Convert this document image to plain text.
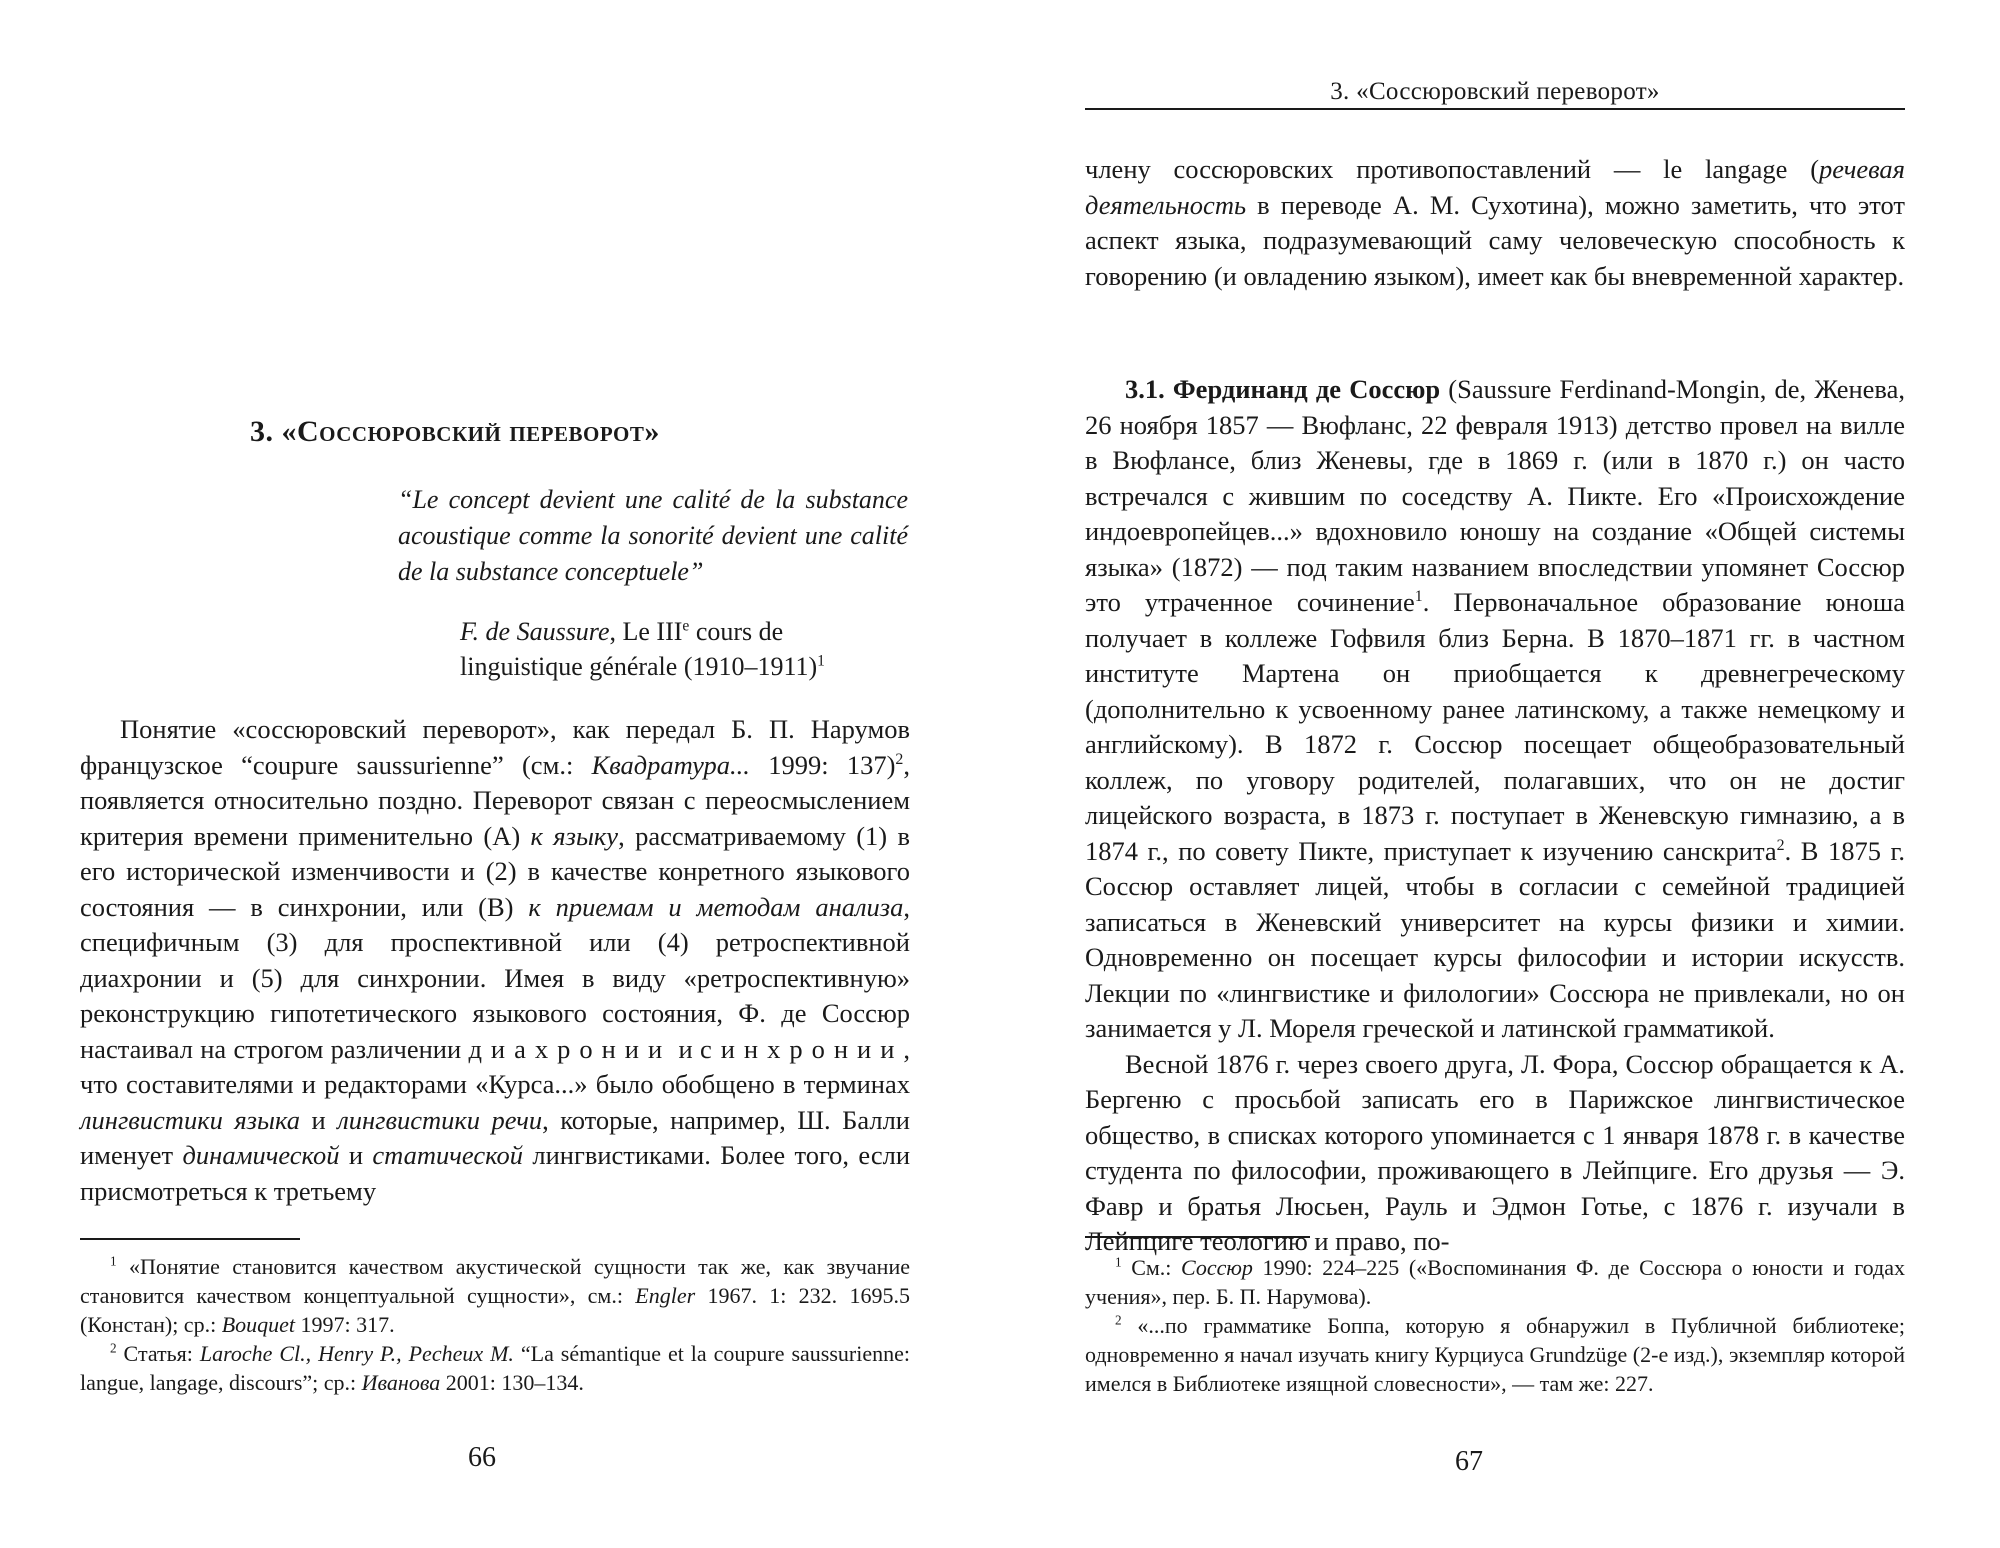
3. «Соссюровский переворот»
“Le concept devient une calité de la substance acoustique comme la sonorité devient une calité de la substance conceptuele”
F. de Saussure, Le IIIe cours de linguistique générale (1910–1911)$^1$

Понятие «соссюровский переворот», как передал Б. П. Нарумов французское “coupure saussurienne” (см.: Квадратура... 1999: 137)$^2$, появляется относительно поздно. Переворот связан с переосмыслением критерия времени применительно (А) к языку, рассматриваемому (1) в его исторической изменчивости и (2) в качестве конретного языкового состояния — в синхронии, или (В) к приемам и методам анализа, специфичным (3) для проспективной или (4) ретроспективной диахронии и (5) для синхронии. Имея в виду «ретроспективную» реконструкцию гипотетического языкового состояния, Ф. де Соссюр настаивал на строгом различении диахронии и синхронии, что составителями и редакторами «Курса...» было обобщено в терминах лингвистики языка и лингвистики речи, которые, например, Ш. Балли именует динамической и статической лингвистиками. Более того, если присмотреться к третьему

$^1$ «Понятие становится качеством акустической сущности так же, как звучание становится качеством концептуальной сущности», см.: Engler 1967. 1: 232. 1695.5 (Констан); ср.: Bouquet 1997: 317.

$^2$ Статья: Laroche Cl., Henry P., Pecheux M. “La sémantique et la coupure saussurienne: langue, langage, discours”; ср.: Иванова 2001: 130–134.

66
3. «Соссюровский переворот»

члену соссюровских противопоставлений — le langage (речевая деятельность в переводе А. М. Сухотина), можно заметить, что этот аспект языка, подразумевающий саму человеческую способность к говорению (и овладению языком), имеет как бы вневременной характер.

3.1. Фердинанд де Соссюр (Saussure Ferdinand-Mongin, de, Женева, 26 ноября 1857 — Вюфланс, 22 февраля 1913) детство провел на вилле в Вюфлансе, близ Женевы, где в 1869 г. (или в 1870 г.) он часто встречался с жившим по соседству А. Пикте. Его «Происхождение индоевропейцев...» вдохновило юношу на создание «Общей системы языка» (1872) — под таким названием впоследствии упомянет Соссюр это утраченное сочинение$^1$. Первоначальное образование юноша получает в коллеже Гофвиля близ Берна. В 1870–1871 гг. в частном институте Мартена он приобщается к древнегреческому (дополнительно к усвоенному ранее латинскому, а также немецкому и английскому). В 1872 г. Соссюр посещает общеобразовательный коллеж, по уговору родителей, полагавших, что он не достиг лицейского возраста, в 1873 г. поступает в Женевскую гимназию, а в 1874 г., по совету Пикте, приступает к изучению санскрита$^2$. В 1875 г. Соссюр оставляет лицей, чтобы в согласии с семейной традицией записаться в Женевский университет на курсы физики и химии. Одновременно он посещает курсы философии и истории искусств. Лекции по «лингвистике и филологии» Соссюра не привлекали, но он занимается у Л. Мореля греческой и латинской грамматикой.

Весной 1876 г. через своего друга, Л. Фора, Соссюр обращается к А. Бергеню с просьбой записать его в Парижское лингвистическое общество, в списках которого упоминается с 1 января 1878 г. в качестве студента по философии, проживающего в Лейпциге. Его друзья — Э. Фавр и братья Люсьен, Рауль и Эдмон Готье, с 1876 г. изучали в Лейпциге теологию и право, по-

$^1$ См.: Соссюр 1990: 224–225 («Воспоминания Ф. де Соссюра о юности и годах учения», пер. Б. П. Нарумова).

$^2$ «...по грамматике Боппа, которую я обнаружил в Публичной библиотеке; одновременно я начал изучать книгу Курциуса Grundzüge (2-е изд.), экземпляр которой имелся в Библиотеке изящной словесности», — там же: 227.

67
